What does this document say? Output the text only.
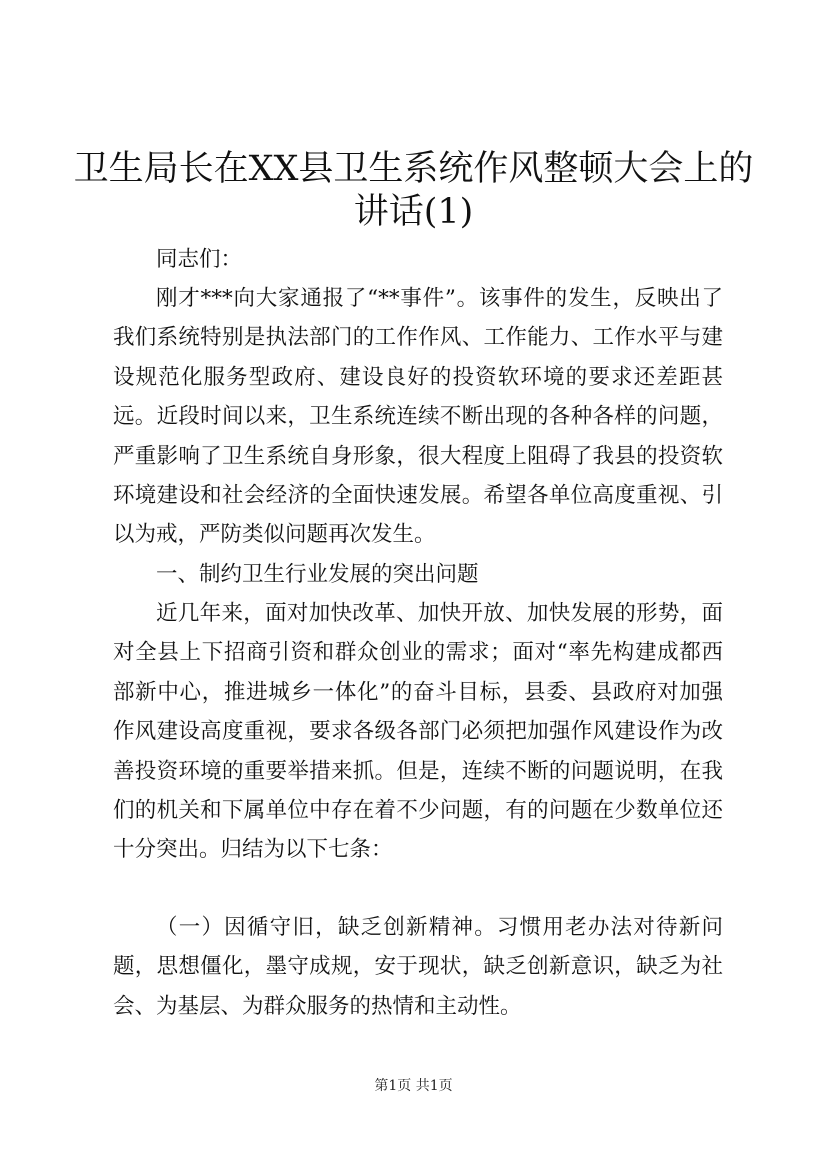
卫生局长在XX县卫生系统作风整顿大会上的
讲话(1)
同志们：
刚才***向大家通报了“**事件”。该事件的发生，反映出了我们系统特别是执法部门的工作作风、工作能力、工作水平与建设规范化服务型政府、建设良好的投资软环境的要求还差距甚远。近段时间以来，卫生系统连续不断出现的各种各样的问题，严重影响了卫生系统自身形象，很大程度上阻碍了我县的投资软环境建设和社会经济的全面快速发展。希望各单位高度重视、引以为戒，严防类似问题再次发生。
一、制约卫生行业发展的突出问题
近几年来，面对加快改革、加快开放、加快发展的形势，面对全县上下招商引资和群众创业的需求；面对“率先构建成都西部新中心，推进城乡一体化”的奋斗目标，县委、县政府对加强作风建设高度重视，要求各级各部门必须把加强作风建设作为改善投资环境的重要举措来抓。但是，连续不断的问题说明，在我们的机关和下属单位中存在着不少问题，有的问题在少数单位还十分突出。归结为以下七条：
（一）因循守旧，缺乏创新精神。习惯用老办法对待新问题，思想僵化，墨守成规，安于现状，缺乏创新意识，缺乏为社会、为基层、为群众服务的热情和主动性。
第1页 共1页
